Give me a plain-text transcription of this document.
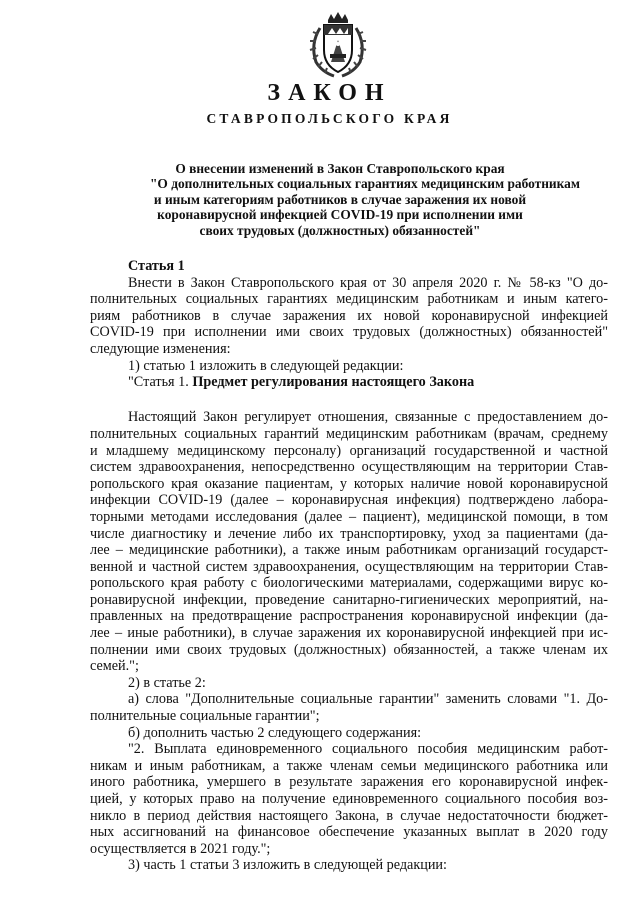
ЗАКОН
СТАВРОПОЛЬСКОГО КРАЯ
О внесении изменений в Закон Ставропольского края
"О дополнительных социальных гарантиях медицинским работникам
и иным категориям работников в случае заражения их новой
коронавирусной инфекцией COVID-19 при исполнении ими
своих трудовых (должностных) обязанностей"
Статья 1
Внести в Закон Ставропольского края от 30 апреля 2020 г. № 58-кз "О до-
полнительных социальных гарантиях медицинским работникам и иным катего-
риям работников в случае заражения их новой коронавирусной инфекцией
COVID-19 при исполнении ими своих трудовых (должностных) обязанностей"
следующие изменения:
1) статью 1 изложить в следующей редакции:
"Статья 1. Предмет регулирования настоящего Закона
Настоящий Закон регулирует отношения, связанные с предоставлением до-
полнительных социальных гарантий медицинским работникам (врачам, среднему
и младшему медицинскому персоналу) организаций государственной и частной
систем здравоохранения, непосредственно осуществляющим на территории Став-
ропольского края оказание пациентам, у которых наличие новой коронавирусной
инфекции COVID-19 (далее – коронавирусная инфекция) подтверждено лабора-
торными методами исследования (далее – пациент), медицинской помощи, в том
числе диагностику и лечение либо их транспортировку, уход за пациентами (да-
лее – медицинские работники), а также иным работникам организаций государст-
венной и частной систем здравоохранения, осуществляющим на территории Став-
ропольского края работу с биологическими материалами, содержащими вирус ко-
ронавирусной инфекции, проведение санитарно-гигиенических мероприятий, на-
правленных на предотвращение распространения коронавирусной инфекции (да-
лее – иные работники), в случае заражения их коронавирусной инфекцией при ис-
полнении ими своих трудовых (должностных) обязанностей, а также членам их
семей.";
2) в статье 2:
а) слова "Дополнительные социальные гарантии" заменить словами "1. До-
полнительные социальные гарантии";
б) дополнить частью 2 следующего содержания:
"2. Выплата единовременного социального пособия медицинским работ-
никам и иным работникам, а также членам семьи медицинского работника или
иного работника, умершего в результате заражения его коронавирусной инфек-
цией, у которых право на получение единовременного социального пособия воз-
никло в период действия настоящего Закона, в случае недостаточности бюджет-
ных ассигнований на финансовое обеспечение указанных выплат в 2020 году
осуществляется в 2021 году.";
3) часть 1 статьи 3 изложить в следующей редакции:
